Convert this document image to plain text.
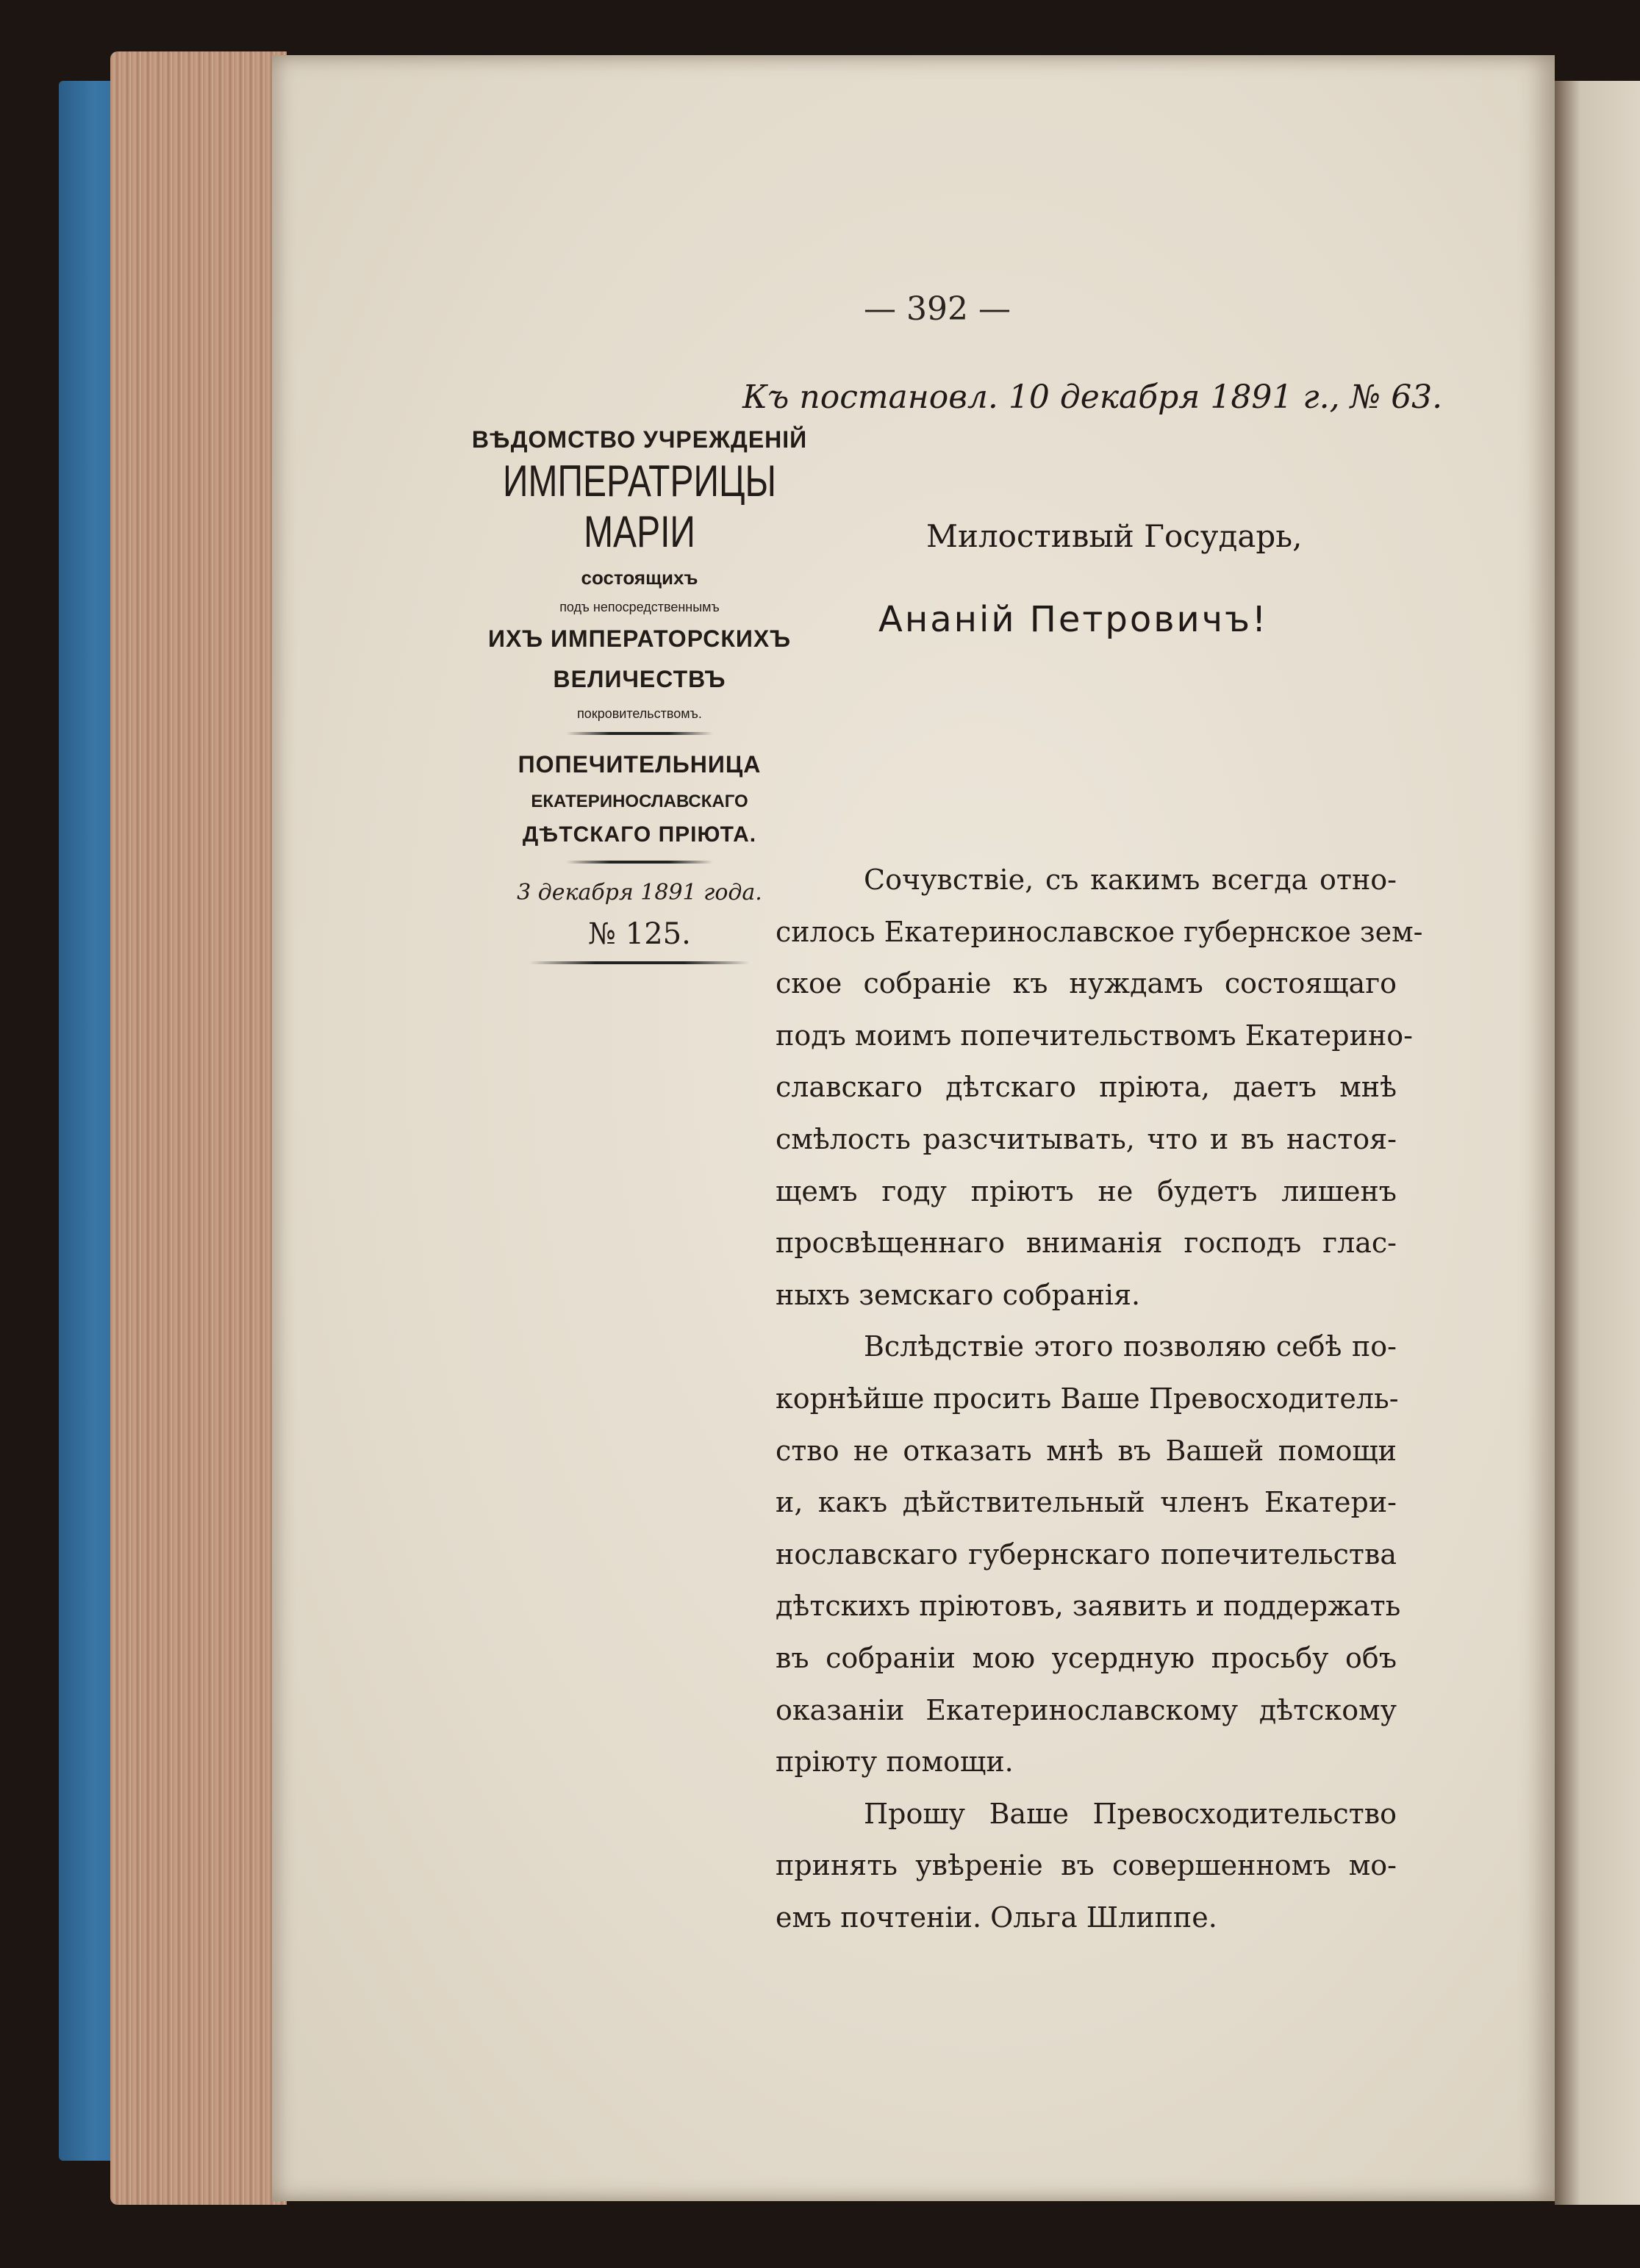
— 392 —
Къ постановл. 10 декабря 1891 г., № 63.
ВѢДОМСТВО УЧРЕЖДЕНІЙ
ИМПЕРАТРИЦЫ МАРІИ
состоящихъ
подъ непосредственнымъ
ИХЪ ИМПЕРАТОРСКИХЪ
ВЕЛИЧЕСТВЪ
покровительствомъ.
ПОПЕЧИТЕЛЬНИЦА
ЕКАТЕРИНОСЛАВСКАГО
ДѢТСКАГО ПРІЮТА.
3 декабря 1891 года.
№ 125.
Милостивый Государь,
Ананій Петровичъ!
Сочувствіе, съ какимъ всегда отно-
силось Екатеринославское губернское зем-
ское собраніе къ нуждамъ состоящаго
подъ моимъ попечительствомъ Екатерино-
славскаго дѣтскаго пріюта, даетъ мнѣ
смѣлость разсчитывать, что и въ настоя-
щемъ году пріютъ не будетъ лишенъ
просвѣщеннаго вниманія господъ глас-
ныхъ земскаго собранія.
Вслѣдствіе этого позволяю себѣ по-
корнѣйше просить Ваше Превосходитель-
ство не отказать мнѣ въ Вашей помощи
и, какъ дѣйствительный членъ Екатери-
нославскаго губернскаго попечительства
дѣтскихъ пріютовъ, заявить и поддержать
въ собраніи мою усердную просьбу объ
оказаніи Екатеринославскому дѣтскому
пріюту помощи.
Прошу Ваше Превосходительство
принять увѣреніе въ совершенномъ мо-
емъ почтеніи. Ольга Шлиппе.
